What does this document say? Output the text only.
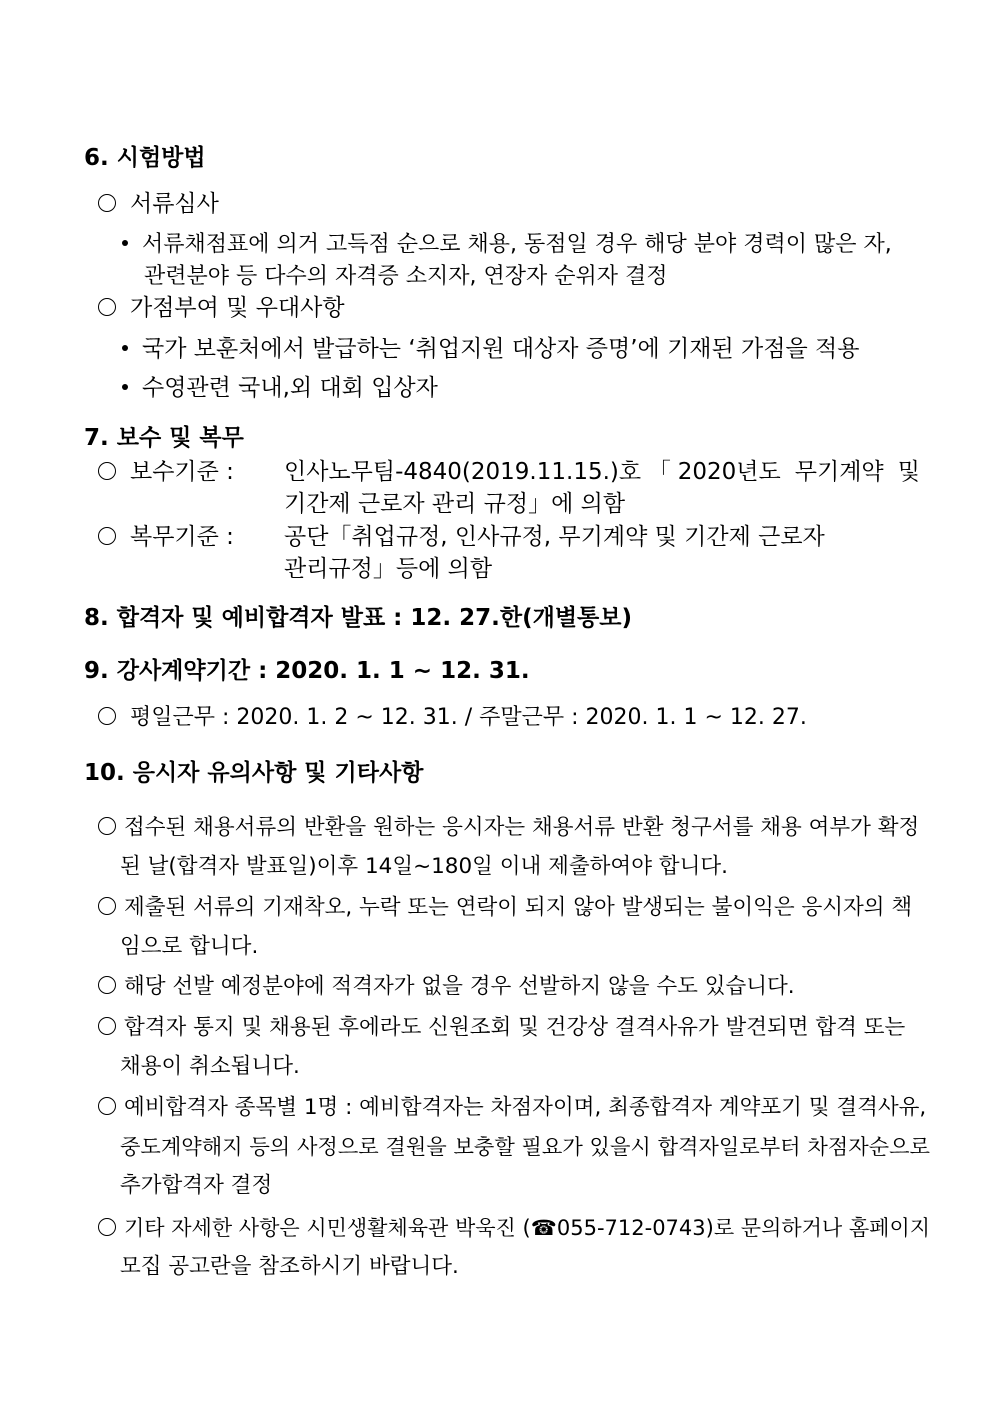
6. 시험방법
서류심사
서류채점표에 의거 고득점 순으로 채용, 동점일 경우 해당 분야 경력이 많은 자,
관련분야 등 다수의 자격증 소지자, 연장자 순위자 결정
가점부여 및 우대사항
국가 보훈처에서 발급하는 ‘취업지원 대상자 증명’에 기재된 가점을 적용
수영관련 국내,외 대회 입상자
7. 보수 및 복무
보수기준 : 인사노무팀-4840(2019.11.15.)호「2020년도 무기계약 및
기간제 근로자 관리 규정」에 의함
복무기준 : 공단「취업규정, 인사규정, 무기계약 및 기간제 근로자
관리규정」등에 의함
8. 합격자 및 예비합격자 발표 : 12. 27.한(개별통보)
9. 강사계약기간 : 2020. 1. 1 ~ 12. 31.
평일근무 : 2020. 1. 2 ~ 12. 31. / 주말근무 : 2020. 1. 1 ~ 12. 27.
10. 응시자 유의사항 및 기타사항
접수된 채용서류의 반환을 원하는 응시자는 채용서류 반환 청구서를 채용 여부가 확정
된 날(합격자 발표일)이후 14일~180일 이내 제출하여야 합니다.
제출된 서류의 기재착오, 누락 또는 연락이 되지 않아 발생되는 불이익은 응시자의 책
임으로 합니다.
해당 선발 예정분야에 적격자가 없을 경우 선발하지 않을 수도 있습니다.
합격자 통지 및 채용된 후에라도 신원조회 및 건강상 결격사유가 발견되면 합격 또는
채용이 취소됩니다.
예비합격자 종목별 1명 : 예비합격자는 차점자이며, 최종합격자 계약포기 및 결격사유,
중도계약해지 등의 사정으로 결원을 보충할 필요가 있을시 합격자일로부터 차점자순으로
추가합격자 결정
기타 자세한 사항은 시민생활체육관 박욱진 (☎055-712-0743)로 문의하거나 홈페이지
모집 공고란을 참조하시기 바랍니다.
